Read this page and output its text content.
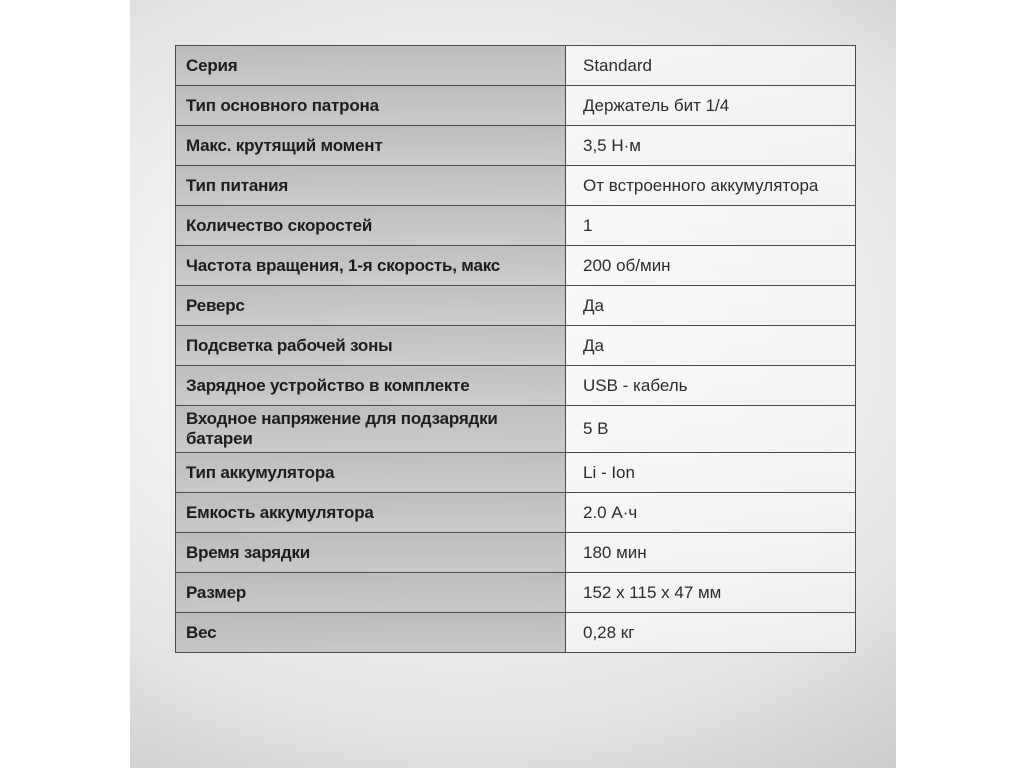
Серия	Standard
Тип основного патрона	Держатель бит 1/4
Макс. крутящий момент	3,5 Н·м
Тип питания	От встроенного аккумулятора
Количество скоростей	1
Частота вращения, 1-я скорость, макс	200 об/мин
Реверс	Да
Подсветка рабочей зоны	Да
Зарядное устройство в комплекте	USB - кабель
Входное напряжение для подзарядки батареи	5 В
Тип аккумулятора	Li - Ion
Емкость аккумулятора	2.0 А·ч
Время зарядки	180 мин
Размер	152 x 115 x 47 мм
Вес	0,28 кг
